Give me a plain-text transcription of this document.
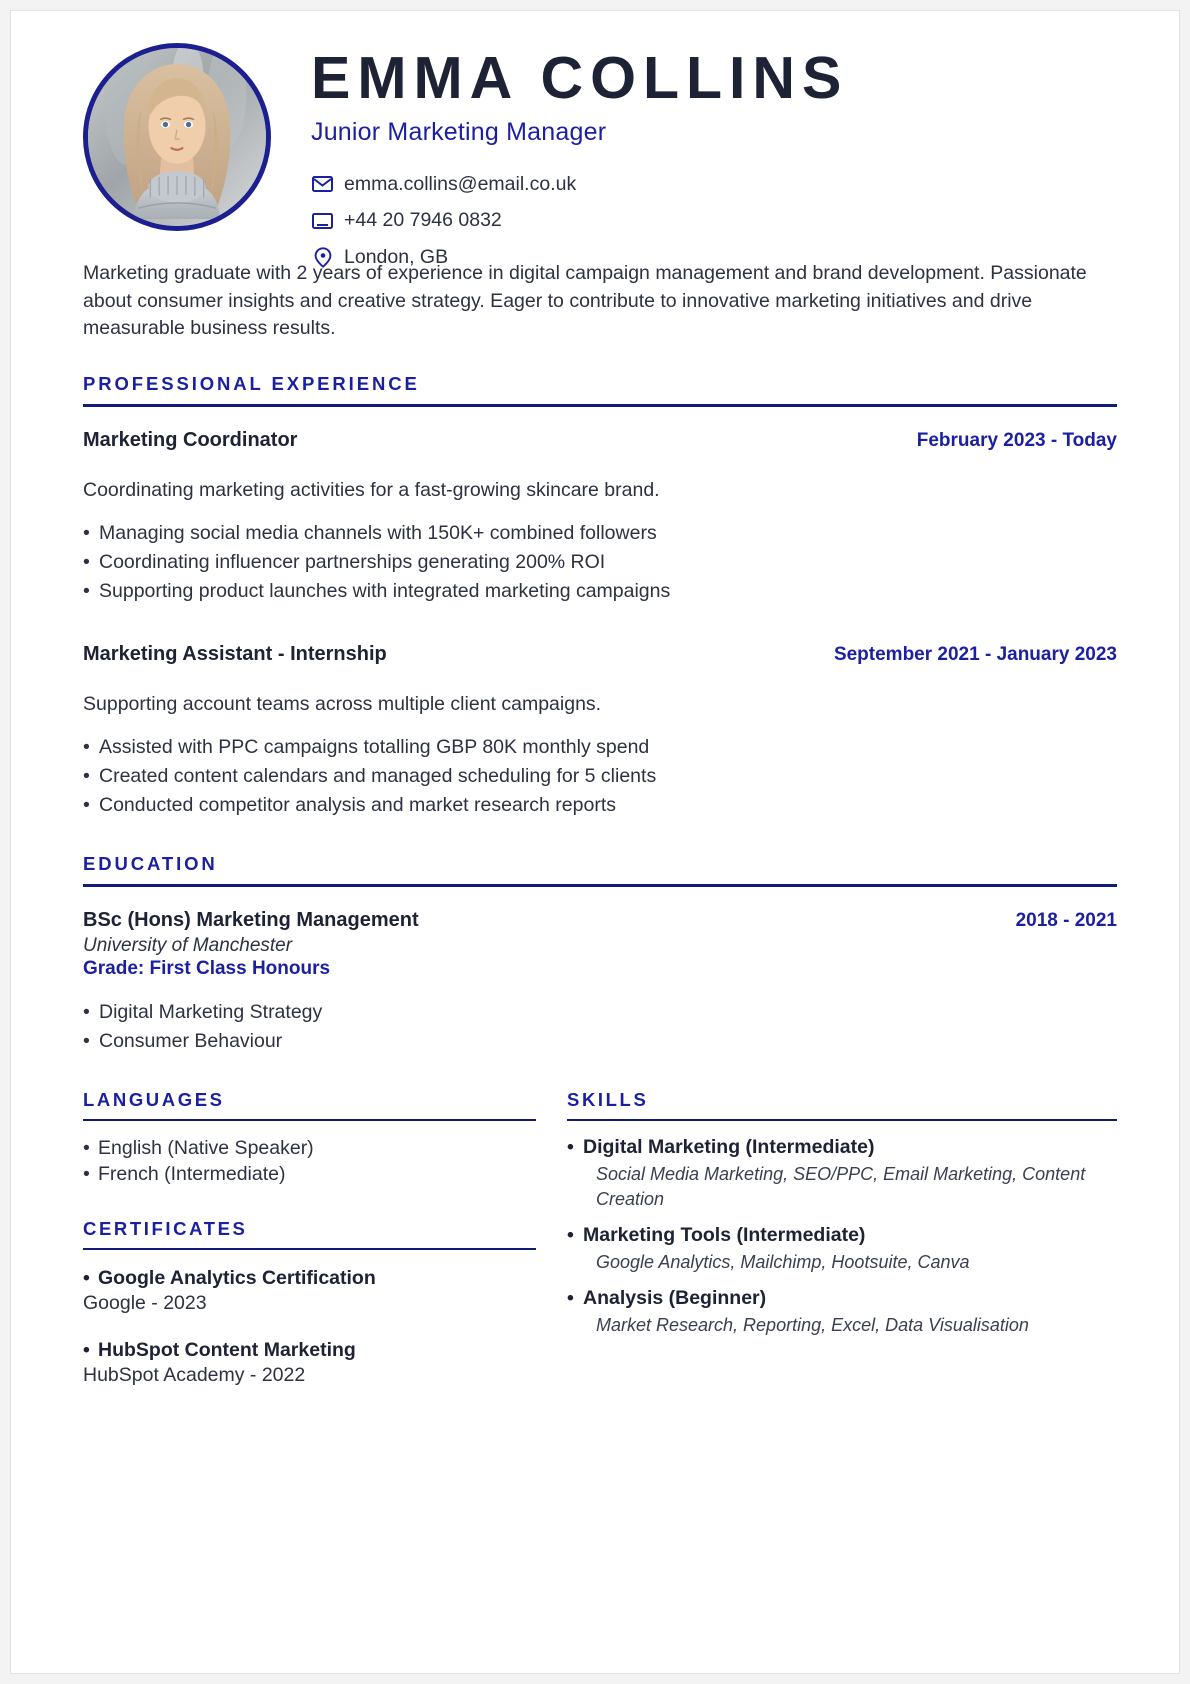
EMMA COLLINS
Junior Marketing Manager
emma.collins@email.co.uk
+44 20 7946 0832
London, GB
Marketing graduate with 2 years of experience in digital campaign management and brand development. Passionate about consumer insights and creative strategy. Eager to contribute to innovative marketing initiatives and drive measurable business results.
PROFESSIONAL EXPERIENCE
Marketing Coordinator	February 2023 - Today
Coordinating marketing activities for a fast-growing skincare brand.
• Managing social media channels with 150K+ combined followers
• Coordinating influencer partnerships generating 200% ROI
• Supporting product launches with integrated marketing campaigns
Marketing Assistant - Internship	September 2021 - January 2023
Supporting account teams across multiple client campaigns.
• Assisted with PPC campaigns totalling GBP 80K monthly spend
• Created content calendars and managed scheduling for 5 clients
• Conducted competitor analysis and market research reports
EDUCATION
BSc (Hons) Marketing Management	2018 - 2021
University of Manchester
Grade: First Class Honours
• Digital Marketing Strategy
• Consumer Behaviour
LANGUAGES
• English (Native Speaker)
• French (Intermediate)
CERTIFICATES
• Google Analytics Certification
Google - 2023
• HubSpot Content Marketing
HubSpot Academy - 2022
SKILLS
• Digital Marketing (Intermediate)
Social Media Marketing, SEO/PPC, Email Marketing, Content Creation
• Marketing Tools (Intermediate)
Google Analytics, Mailchimp, Hootsuite, Canva
• Analysis (Beginner)
Market Research, Reporting, Excel, Data Visualisation
